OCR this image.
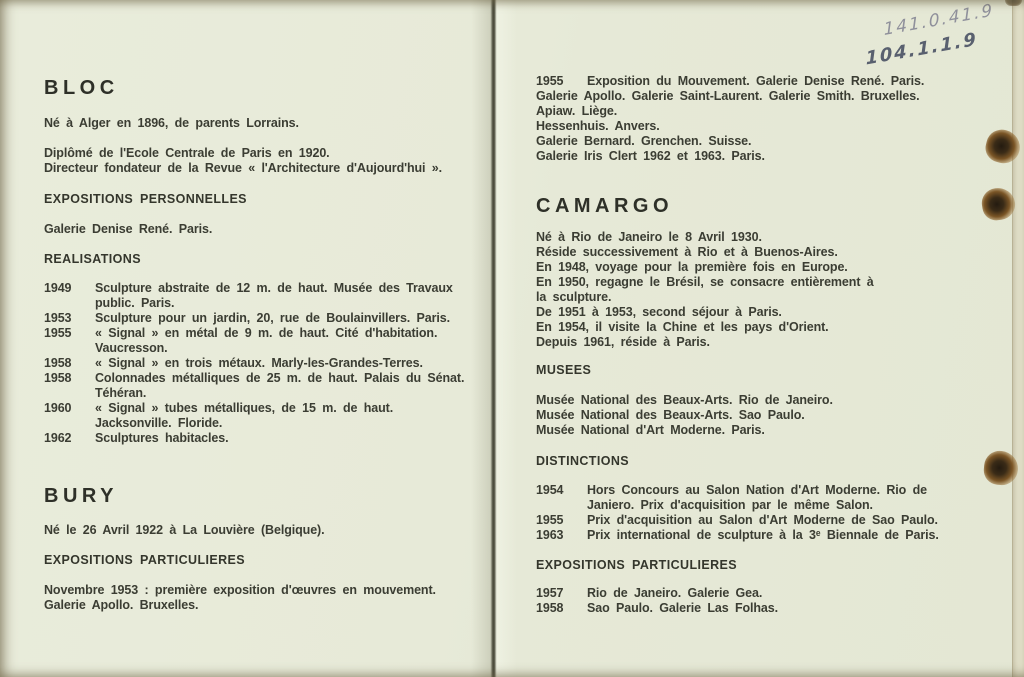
141.0.41.9
104.1.1.9
BLOC
Né à Alger en 1896, de parents Lorrains.
Diplômé de l'Ecole Centrale de Paris en 1920.
Directeur fondateur de la Revue « l'Architecture d'Aujourd'hui ».
EXPOSITIONS PERSONNELLES
Galerie Denise René. Paris.
REALISATIONS
1949	Sculpture abstraite de 12 m. de haut. Musée des Travaux
public. Paris.
1953	Sculpture pour un jardin, 20, rue de Boulainvillers. Paris.
1955	« Signal » en métal de 9 m. de haut. Cité d'habitation.
Vaucresson.
1958	« Signal » en trois métaux. Marly-les-Grandes-Terres.
1958	Colonnades métalliques de 25 m. de haut. Palais du Sénat.
Téhéran.
1960	« Signal » tubes métalliques, de 15 m. de haut.
Jacksonville. Floride.
1962	Sculptures habitacles.
BURY
Né le 26 Avril 1922 à La Louvière (Belgique).
EXPOSITIONS PARTICULIERES
Novembre 1953 : première exposition d'œuvres en mouvement.
Galerie Apollo. Bruxelles.
1955 Exposition du Mouvement. Galerie Denise René. Paris.
Galerie Apollo. Galerie Saint-Laurent. Galerie Smith. Bruxelles.
Apiaw. Liège.
Hessenhuis. Anvers.
Galerie Bernard. Grenchen. Suisse.
Galerie Iris Clert 1962 et 1963. Paris.
CAMARGO
Né à Rio de Janeiro le 8 Avril 1930.
Réside successivement à Rio et à Buenos-Aires.
En 1948, voyage pour la première fois en Europe.
En 1950, regagne le Brésil, se consacre entièrement à
la sculpture.
De 1951 à 1953, second séjour à Paris.
En 1954, il visite la Chine et les pays d'Orient.
Depuis 1961, réside à Paris.
MUSEES
Musée National des Beaux-Arts. Rio de Janeiro.
Musée National des Beaux-Arts. Sao Paulo.
Musée National d'Art Moderne. Paris.
DISTINCTIONS
1954	Hors Concours au Salon Nation d'Art Moderne. Rio de
Janiero. Prix d'acquisition par le même Salon.
1955	Prix d'acquisition au Salon d'Art Moderne de Sao Paulo.
1963	Prix international de sculpture à la 3ᵉ Biennale de Paris.
EXPOSITIONS PARTICULIERES
1957	Rio de Janeiro. Galerie Gea.
1958	Sao Paulo. Galerie Las Folhas.
